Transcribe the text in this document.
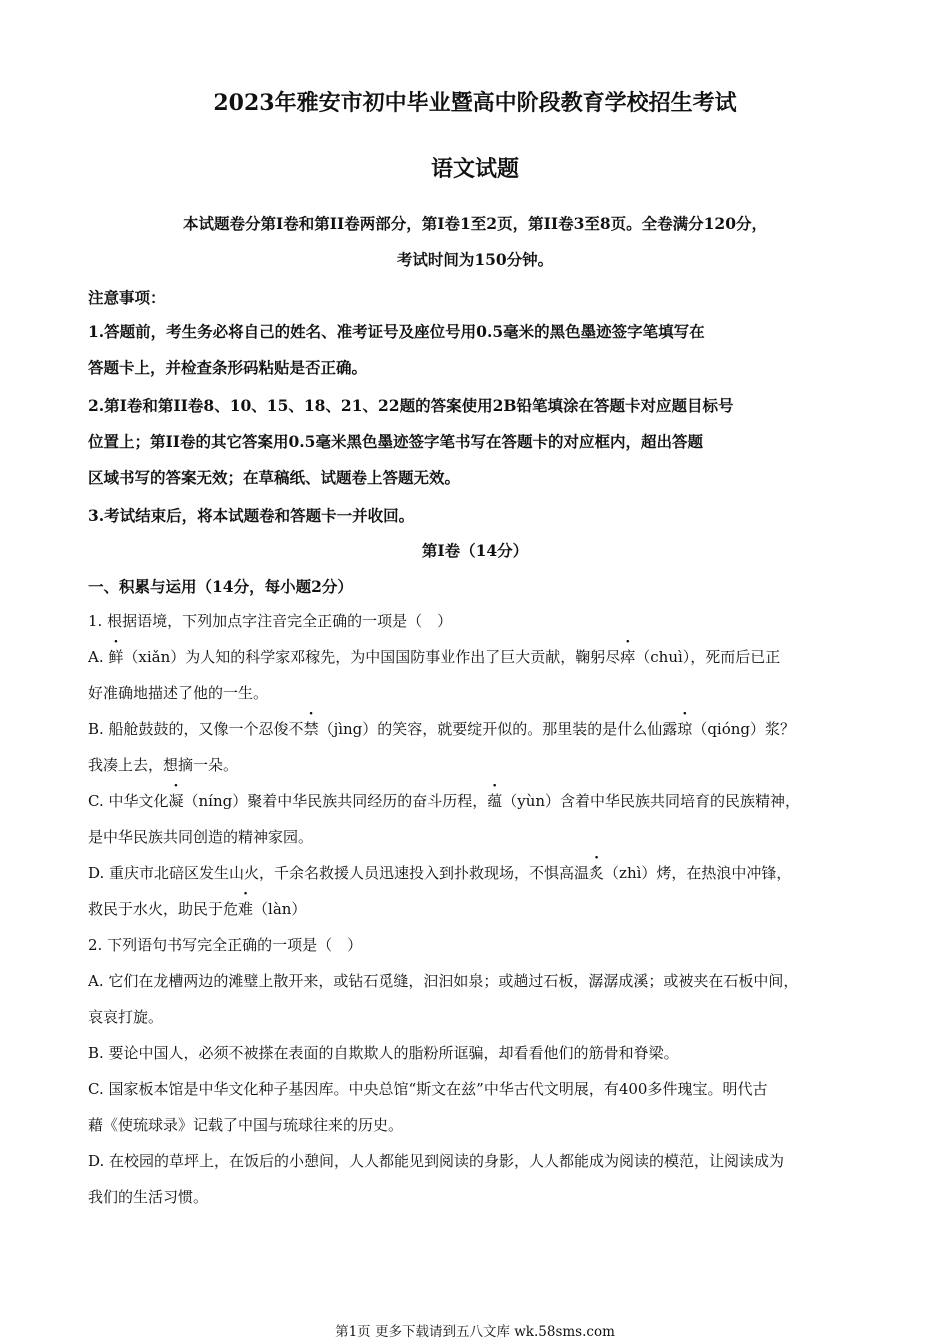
2023年雅安市初中毕业暨高中阶段教育学校招生考试
语文试题
本试题卷分第Ⅰ卷和第II卷两部分，第Ⅰ卷1至2页，第II卷3至8页。全卷满分120分，
考试时间为150分钟。
注意事项：
1.答题前，考生务必将自己的姓名、准考证号及座位号用0.5毫米的黑色墨迹签字笔填写在
答题卡上，并检查条形码粘贴是否正确。
2.第Ⅰ卷和第II卷8、10、15、18、21、22题的答案使用2B铅笔填涂在答题卡对应题目标号
位置上；第II卷的其它答案用0.5毫米黑色墨迹签字笔书写在答题卡的对应框内，超出答题
区域书写的答案无效；在草稿纸、试题卷上答题无效。
3.考试结束后，将本试题卷和答题卡一并收回。
第Ⅰ卷（14分）
一、积累与运用（14分，每小题2分）
1. 根据语境，下列加点字注音完全正确的一项是（　）
A. 鲜（xiǎn）为人知的科学家邓稼先，为中国国防事业作出了巨大贡献，鞠躬尽瘁（chuì），死而后已正
好准确地描述了他的一生。
B. 船舱鼓鼓的，又像一个忍俊不禁（jìng）的笑容，就要绽开似的。那里装的是什么仙露琼（qióng）浆？
我凑上去，想摘一朵。
C. 中华文化凝（níng）聚着中华民族共同经历的奋斗历程，蕴（yùn）含着中华民族共同培育的民族精神，
是中华民族共同创造的精神家园。
D. 重庆市北碚区发生山火，千余名救援人员迅速投入到扑救现场，不惧高温炙（zhì）烤，在热浪中冲锋，
救民于水火，助民于危难（làn）
2. 下列语句书写完全正确的一项是（　）
A. 它们在龙槽两边的滩璧上散开来，或钻石觅缝，汩汩如泉；或趟过石板，潺潺成溪；或被夹在石板中间，
哀哀打旋。
B. 要论中国人，必须不被搽在表面的自欺欺人的脂粉所诓骗，却看看他们的筋骨和脊梁。
C. 国家板本馆是中华文化种子基因库。中央总馆“斯文在兹”中华古代文明展，有400多件瑰宝。明代古
藉《使琉球录》记载了中国与琉球往来的历史。
D. 在校园的草坪上，在饭后的小憩间，人人都能见到阅读的身影，人人都能成为阅读的模范，让阅读成为
我们的生活习惯。
第1页 更多下载请到五八文库 wk.58sms.com
